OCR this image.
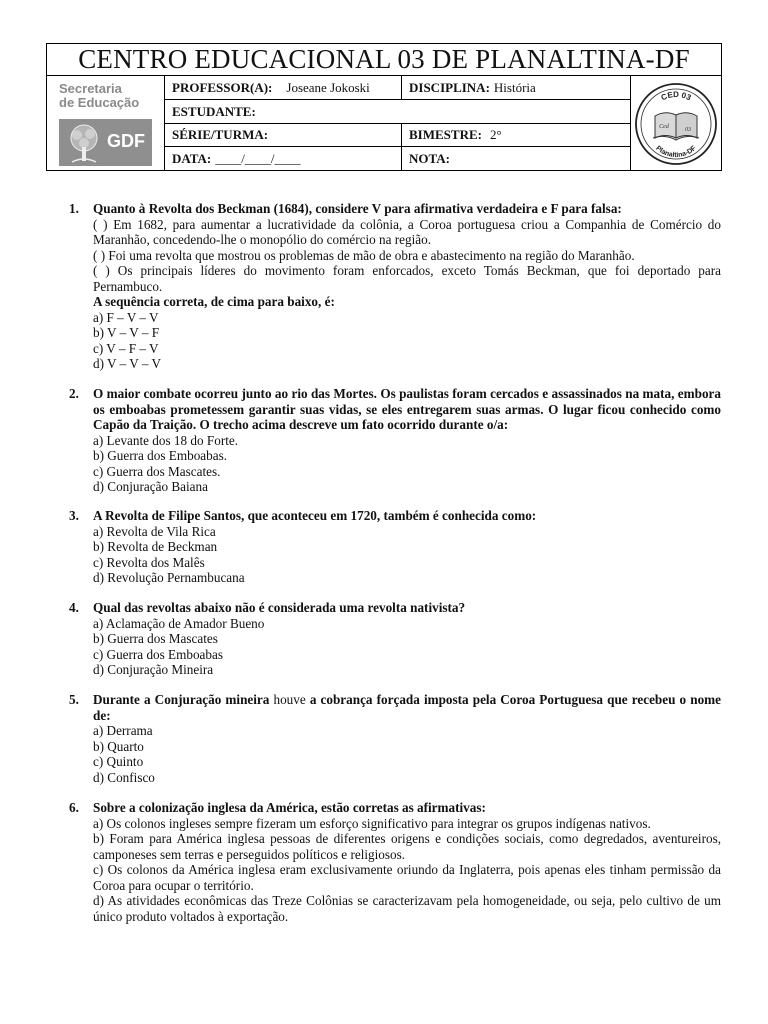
CENTRO EDUCACIONAL 03 DE PLANALTINA-DF
Secretaria
de Educação
GDF
PROFESSOR(A): Joseane Jokoski	DISCIPLINA: História
ESTUDANTE:
SÉRIE/TURMA:	BIMESTRE: 2°
DATA: ____/____/____	NOTA:
CED 03
Planaltina-DF
Ced	03
1. Quanto à Revolta dos Beckman (1684), considere V para afirmativa verdadeira e F para falsa:

( ) Em 1682, para aumentar a lucratividade da colônia, a Coroa portuguesa criou a Companhia de Comércio do Maranhão, concedendo-lhe o monopólio do comércio na região.

( ) Foi uma revolta que mostrou os problemas de mão de obra e abastecimento na região do Maranhão.

( ) Os principais líderes do movimento foram enforcados, exceto Tomás Beckman, que foi deportado para Pernambuco.

A sequência correta, de cima para baixo, é:

a) F – V – V

b) V – V – F

c) V – F – V

d) V – V – V

2. O maior combate ocorreu junto ao rio das Mortes. Os paulistas foram cercados e assassinados na mata, embora os emboabas prometessem garantir suas vidas, se eles entregarem suas armas. O lugar ficou conhecido como Capão da Traição. O trecho acima descreve um fato ocorrido durante o/a:

a) Levante dos 18 do Forte.

b) Guerra dos Emboabas.

c) Guerra dos Mascates.

d) Conjuração Baiana

3. A Revolta de Filipe Santos, que aconteceu em 1720, também é conhecida como:

a) Revolta de Vila Rica

b) Revolta de Beckman

c) Revolta dos Malês

d) Revolução Pernambucana

4. Qual das revoltas abaixo não é considerada uma revolta nativista?

a) Aclamação de Amador Bueno

b) Guerra dos Mascates

c) Guerra dos Emboabas

d) Conjuração Mineira

5. Durante a Conjuração mineira houve a cobrança forçada imposta pela Coroa Portuguesa que recebeu o nome de:

a) Derrama

b) Quarto

c) Quinto

d) Confisco

6. Sobre a colonização inglesa da América, estão corretas as afirmativas:

a) Os colonos ingleses sempre fizeram um esforço significativo para integrar os grupos indígenas nativos.

b) Foram para América inglesa pessoas de diferentes origens e condições sociais, como degredados, aventureiros, camponeses sem terras e perseguidos políticos e religiosos.

c) Os colonos da América inglesa eram exclusivamente oriundo da Inglaterra, pois apenas eles tinham permissão da Coroa para ocupar o território.

d) As atividades econômicas das Treze Colônias se caracterizavam pela homogeneidade, ou seja, pelo cultivo de um único produto voltados à exportação.
